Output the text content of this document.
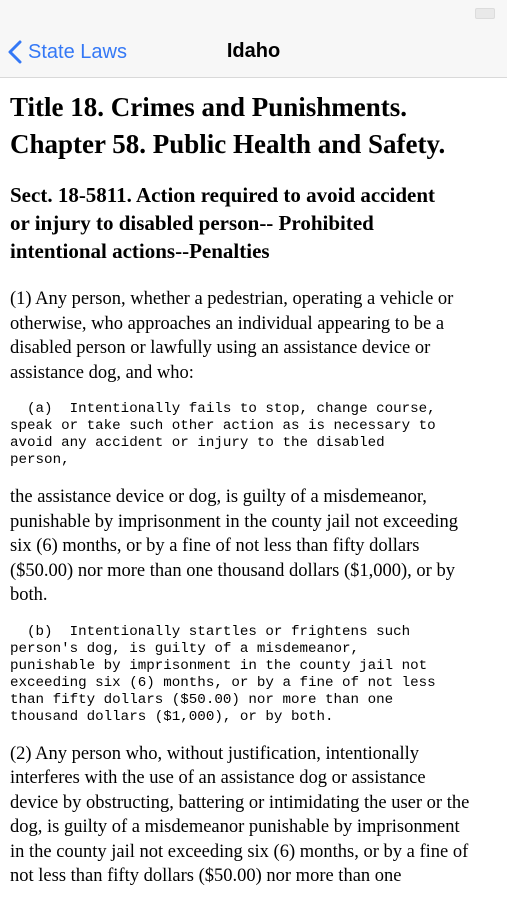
State Laws	Idaho
Title 18. Crimes and Punishments.
Chapter 58. Public Health and Safety.
Sect. 18-5811. Action required to avoid accident
or injury to disabled person-- Prohibited
intentional actions--Penalties
(1) Any person, whether a pedestrian, operating a vehicle or
otherwise, who approaches an individual appearing to be a
disabled person or lawfully using an assistance device or
assistance dog, and who:
(a)  Intentionally fails to stop, change course,
speak or take such other action as is necessary to
avoid any accident or injury to the disabled
person,
the assistance device or dog, is guilty of a misdemeanor,
punishable by imprisonment in the county jail not exceeding
six (6) months, or by a fine of not less than fifty dollars
($50.00) nor more than one thousand dollars ($1,000), or by
both.
(b)  Intentionally startles or frightens such
person's dog, is guilty of a misdemeanor,
punishable by imprisonment in the county jail not
exceeding six (6) months, or by a fine of not less
than fifty dollars ($50.00) nor more than one
thousand dollars ($1,000), or by both.
(2) Any person who, without justification, intentionally
interferes with the use of an assistance dog or assistance
device by obstructing, battering or intimidating the user or the
dog, is guilty of a misdemeanor punishable by imprisonment
in the county jail not exceeding six (6) months, or by a fine of
not less than fifty dollars ($50.00) nor more than one
